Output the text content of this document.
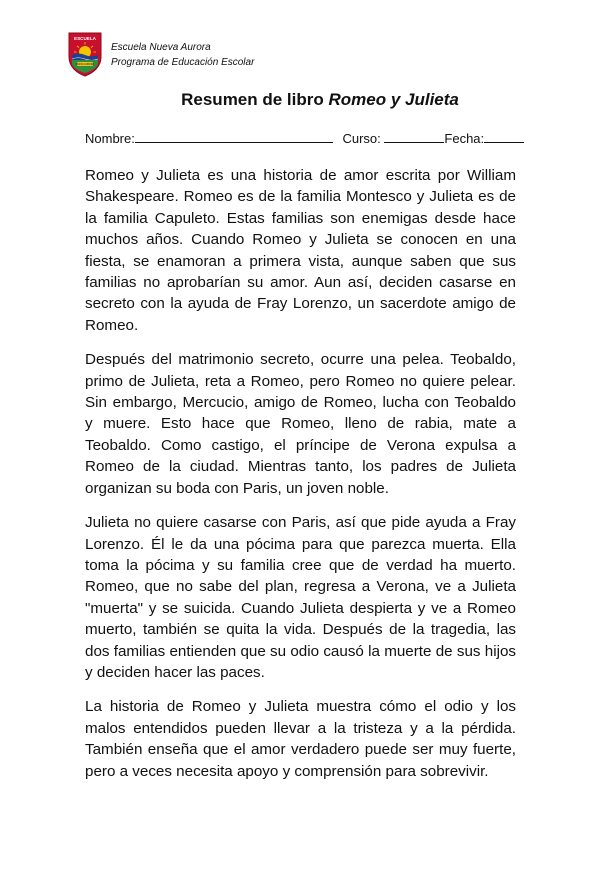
ESCUELA
NUEVA AURORA
Escuela Nueva Aurora
Programa de Educación Escolar
Resumen de libro Romeo y Julieta
Nombre:	Curso:	Fecha:

Romeo y Julieta es una historia de amor escrita por William Shakespeare. Romeo es de la familia Montesco y Julieta es de la familia Capuleto. Estas familias son enemigas desde hace muchos años. Cuando Romeo y Julieta se conocen en una fiesta, se enamoran a primera vista, aunque saben que sus familias no aprobarían su amor. Aun así, deciden casarse en secreto con la ayuda de Fray Lorenzo, un sacerdote amigo de Romeo.

Después del matrimonio secreto, ocurre una pelea. Teobaldo, primo de Julieta, reta a Romeo, pero Romeo no quiere pelear. Sin embargo, Mercucio, amigo de Romeo, lucha con Teobaldo y muere. Esto hace que Romeo, lleno de rabia, mate a Teobaldo. Como castigo, el príncipe de Verona expulsa a Romeo de la ciudad. Mientras tanto, los padres de Julieta organizan su boda con Paris, un joven noble.

Julieta no quiere casarse con Paris, así que pide ayuda a Fray Lorenzo. Él le da una pócima para que parezca muerta. Ella toma la pócima y su familia cree que de verdad ha muerto. Romeo, que no sabe del plan, regresa a Verona, ve a Julieta "muerta" y se suicida. Cuando Julieta despierta y ve a Romeo muerto, también se quita la vida. Después de la tragedia, las dos familias entienden que su odio causó la muerte de sus hijos y deciden hacer las paces.

La historia de Romeo y Julieta muestra cómo el odio y los malos entendidos pueden llevar a la tristeza y a la pérdida. También enseña que el amor verdadero puede ser muy fuerte, pero a veces necesita apoyo y comprensión para sobrevivir.
